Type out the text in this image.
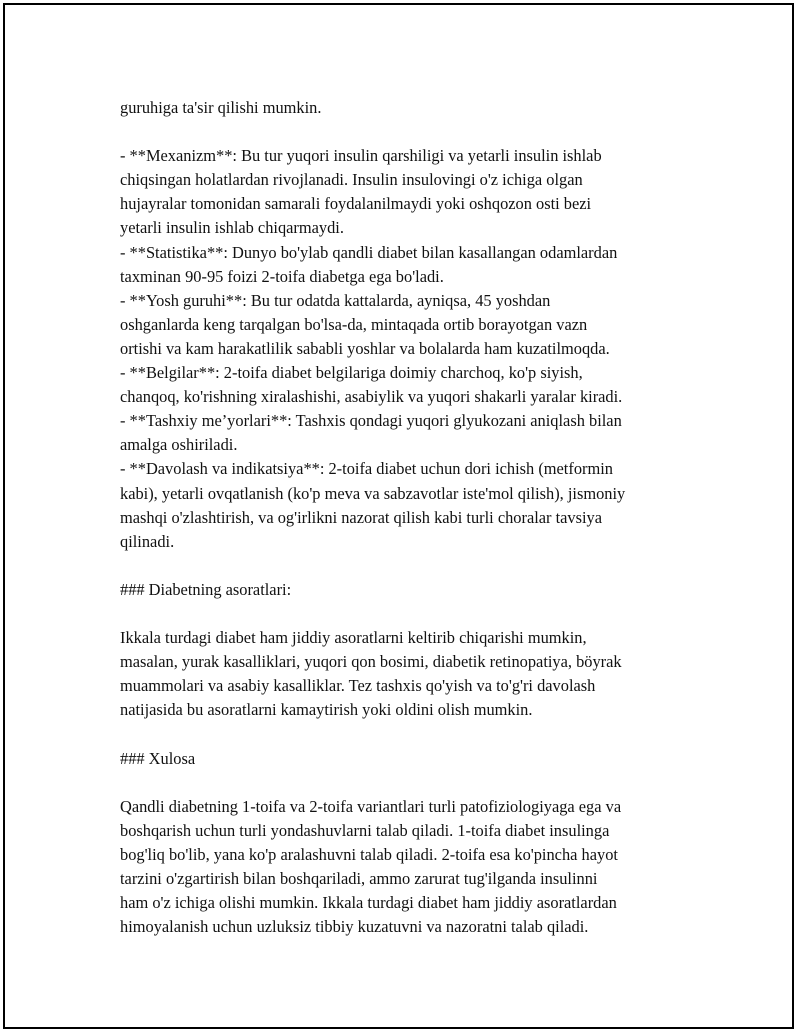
guruhiga ta'sir qilishi mumkin.
- **Mexanizm**: Bu tur yuqori insulin qarshiligi va yetarli insulin ishlab
chiqsingan holatlardan rivojlanadi. Insulin insulovingi o'z ichiga olgan
hujayralar tomonidan samarali foydalanilmaydi yoki oshqozon osti bezi
yetarli insulin ishlab chiqarmaydi.
- **Statistika**: Dunyo bo'ylab qandli diabet bilan kasallangan odamlardan
taxminan 90-95 foizi 2-toifa diabetga ega bo'ladi.
- **Yosh guruhi**: Bu tur odatda kattalarda, ayniqsa, 45 yoshdan
oshganlarda keng tarqalgan bo'lsa-da, mintaqada ortib borayotgan vazn
ortishi va kam harakatlilik sababli yoshlar va bolalarda ham kuzatilmoqda.
- **Belgilar**: 2-toifa diabet belgilariga doimiy charchoq, ko'p siyish,
chanqoq, ko'rishning xiralashishi, asabiylik va yuqori shakarli yaralar kiradi.
- **Tashxiy me’yorlari**: Tashxis qondagi yuqori glyukozani aniqlash bilan
amalga oshiriladi.
- **Davolash va indikatsiya**: 2-toifa diabet uchun dori ichish (metformin
kabi), yetarli ovqatlanish (ko'p meva va sabzavotlar iste'mol qilish), jismoniy
mashqi o'zlashtirish, va og'irlikni nazorat qilish kabi turli choralar tavsiya
qilinadi.
### Diabetning asoratlari:
Ikkala turdagi diabet ham jiddiy asoratlarni keltirib chiqarishi mumkin,
masalan, yurak kasalliklari, yuqori qon bosimi, diabetik retinopatiya, böyrak
muammolari va asabiy kasalliklar. Tez tashxis qo'yish va to'g'ri davolash
natijasida bu asoratlarni kamaytirish yoki oldini olish mumkin.
### Xulosa
Qandli diabetning 1-toifa va 2-toifa variantlari turli patofiziologiyaga ega va
boshqarish uchun turli yondashuvlarni talab qiladi. 1-toifa diabet insulinga
bog'liq bo'lib, yana ko'p aralashuvni talab qiladi. 2-toifa esa ko'pincha hayot
tarzini o'zgartirish bilan boshqariladi, ammo zarurat tug'ilganda insulinni
ham o'z ichiga olishi mumkin. Ikkala turdagi diabet ham jiddiy asoratlardan
himoyalanish uchun uzluksiz tibbiy kuzatuvni va nazoratni talab qiladi.
